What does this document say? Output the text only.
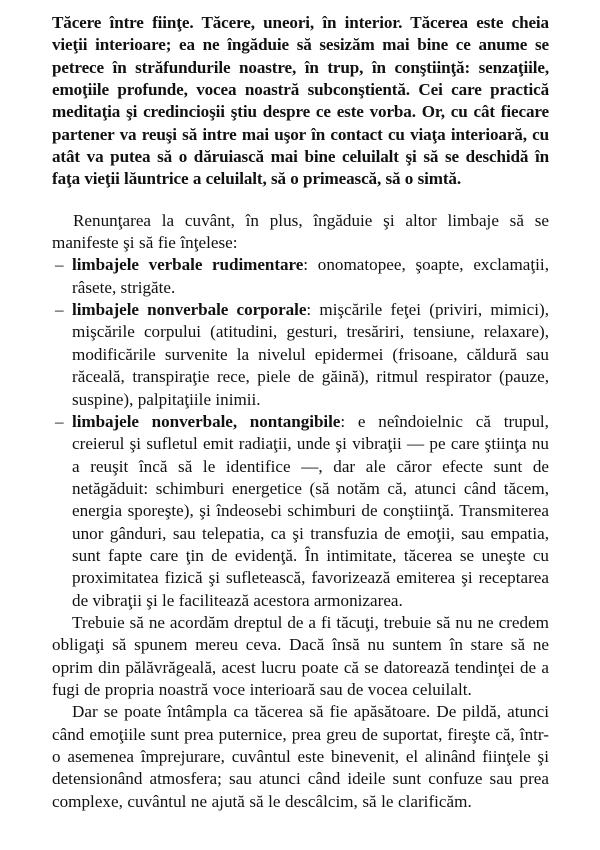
Tăcere între fiinţe. Tăcere, uneori, în interior. Tăcerea este cheia vieţii interioare; ea ne îngăduie să sesizăm mai bine ce anume se petrece în străfundurile noastre, în trup, în conştiinţă: senzaţiile, emoţiile profunde, vocea noastră subconştientă. Cei care practică meditaţia şi credincioşii ştiu despre ce este vorba. Or, cu cât fiecare partener va reuşi să intre mai uşor în contact cu viaţa interioară, cu atât va putea să o dăruiască mai bine celuilalt şi să se deschidă în faţa vieţii lăuntrice a celuilalt, să o primească, să o simtă.

Renunţarea la cuvânt, în plus, îngăduie şi altor limbaje să se manifeste şi să fie înţelese:

– limbajele verbale rudimentare: onomatopee, şoapte, exclamaţii, râsete, strigăte.
– limbajele nonverbale corporale: mişcările feţei (priviri, mimici), mişcările corpului (atitudini, gesturi, tresăriri, tensiune, relaxare), modificările survenite la nivelul epidermei (frisoane, căldură sau răceală, transpiraţie rece, piele de găină), ritmul respirator (pauze, suspine), palpitaţiile inimii.
– limbajele nonverbale, nontangibile: e neîndoielnic că trupul, creierul şi sufletul emit radiaţii, unde şi vibraţii — pe care ştiinţa nu a reuşit încă să le identifice —, dar ale căror efecte sunt de netăgăduit: schimburi energetice (să notăm că, atunci când tăcem, energia sporeşte), şi îndeosebi schimburi de conştiinţă. Transmiterea unor gânduri, sau telepatia, ca şi transfuzia de emoţii, sau empatia, sunt fapte care ţin de evidenţă. În intimitate, tăcerea se uneşte cu proximitatea fizică şi sufletească, favorizează emiterea şi receptarea de vibraţii şi le facilitează acestora armonizarea.

Trebuie să ne acordăm dreptul de a fi tăcuţi, trebuie să nu ne credem obligaţi să spunem mereu ceva. Dacă însă nu suntem în stare să ne oprim din pălăvrăgeală, acest lucru poate că se datorează tendinţei de a fugi de propria noastră voce interioară sau de vocea celuilalt.

Dar se poate întâmpla ca tăcerea să fie apăsătoare. De pildă, atunci când emoţiile sunt prea puternice, prea greu de suportat, fireşte că, într-o asemenea împrejurare, cuvântul este binevenit, el alinând fiinţele şi detensionând atmosfera; sau atunci când ideile sunt confuze sau prea complexe, cuvântul ne ajută să le descâlcim, să le clarificăm.
